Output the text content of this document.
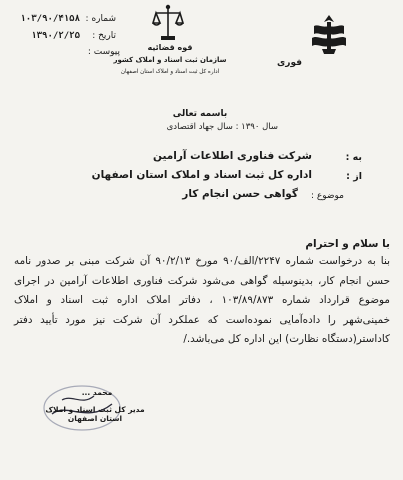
قوه قضائیه
سازمان ثبت اسناد و املاک کشور
اداره کل ثبت اسناد و املاک استان اصفهان
فوری
شماره :
۱۰۳/۹۰/۴۱۵۸
تاریخ :
۱۳۹۰/۲/۲۵
پیوست :
باسمه تعالی
سال ۱۳۹۰ : سال جهاد اقتصادی
به :
شرکت فناوری اطلاعات آرامین
از :
اداره کل ثبت اسناد و املاک استان اصفهان
موضوع :
گواهی حسن انجام کار
با سلام و احترام
بنا به درخواست شماره ۲۲۴۷/الف/۹۰ مورخ ۹۰/۲/۱۳ آن شرکت مبنی بر صدور نامه
حسن انجام کار، بدینوسیله گواهی می‌شود شرکت فناوری اطلاعات آرامین در اجرای
موضوع قرارداد شماره ۱۰۳/۸۹/۸۷۳ ، دفاتر املاک اداره ثبت اسناد و املاک
خمینی‌شهر را دادە‌آمایی نموده‌است که عملکرد آن شرکت نیز مورد تأیید دفتر
کاداستر(دستگاه نظارت) این اداره کل می‌باشد./
محمد ...
مدیر کل ثبت اسناد و املاک استان اصفهان
